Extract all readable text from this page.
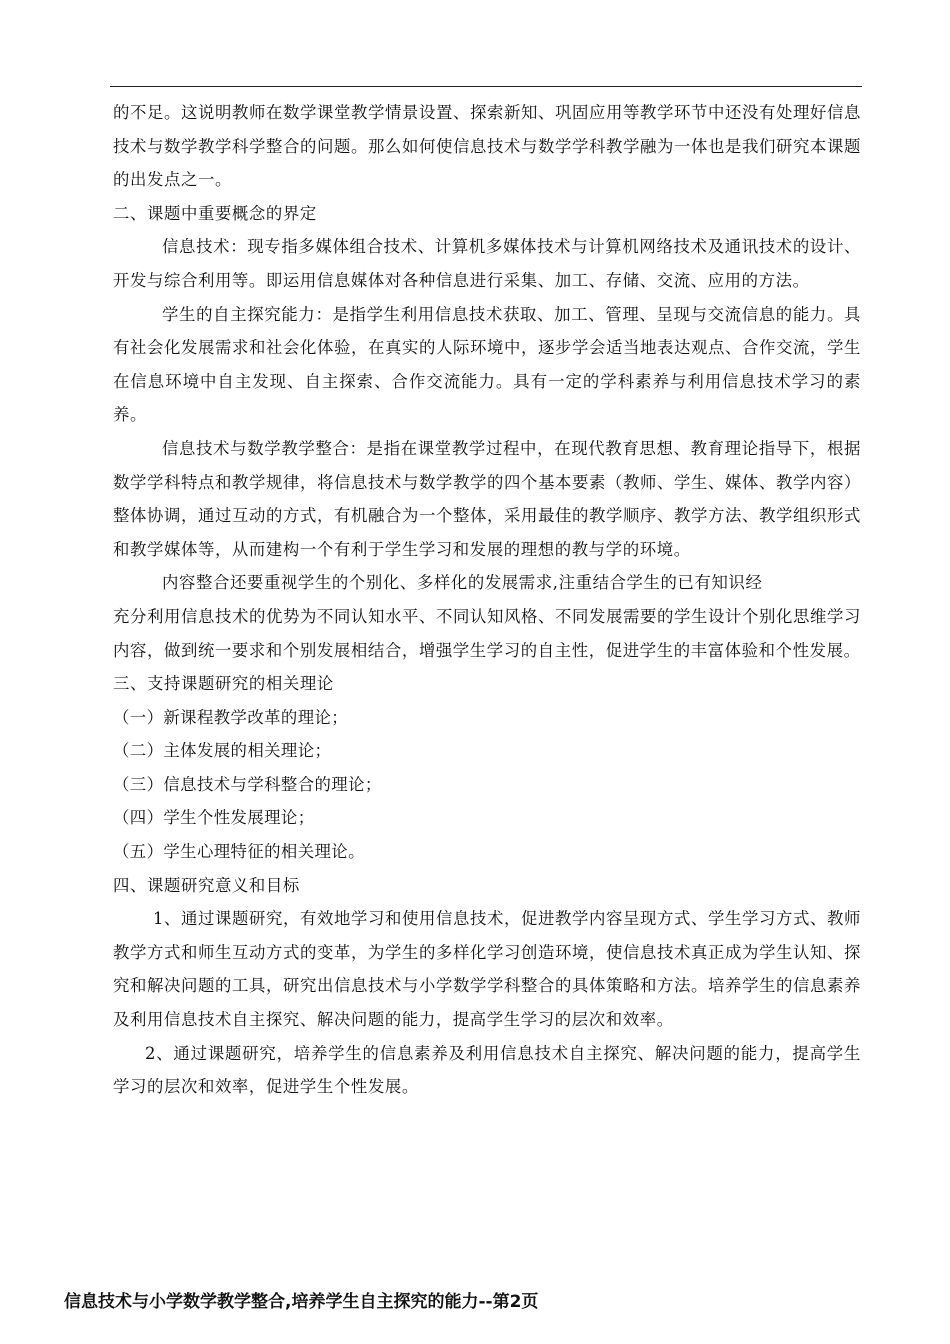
的不足。这说明教师在数学课堂教学情景设置、探索新知、巩固应用等教学环节中还没有处理好信息技术与数学教学科学整合的问题。那么如何使信息技术与数学学科教学融为一体也是我们研究本课题的出发点之一。

二、课题中重要概念的界定

信息技术：现专指多媒体组合技术、计算机多媒体技术与计算机网络技术及通讯技术的设计、开发与综合利用等。即运用信息媒体对各种信息进行采集、加工、存储、交流、应用的方法。

学生的自主探究能力：是指学生利用信息技术获取、加工、管理、呈现与交流信息的能力。具有社会化发展需求和社会化体验，在真实的人际环境中，逐步学会适当地表达观点、合作交流，学生在信息环境中自主发现、自主探索、合作交流能力。具有一定的学科素养与利用信息技术学习的素养。

信息技术与数学教学整合：是指在课堂教学过程中，在现代教育思想、教育理论指导下，根据数学学科特点和教学规律，将信息技术与数学教学的四个基本要素（教师、学生、媒体、教学内容）整体协调，通过互动的方式，有机融合为一个整体，采用最佳的教学顺序、教学方法、教学组织形式和教学媒体等，从而建构一个有利于学生学习和发展的理想的教与学的环境。

内容整合还要重视学生的个别化、多样化的发展需求,注重结合学生的已有知识经

充分利用信息技术的优势为不同认知水平、不同认知风格、不同发展需要的学生设计个别化思维学习内容，做到统一要求和个别发展相结合，增强学生学习的自主性，促进学生的丰富体验和个性发展。

三、支持课题研究的相关理论

（一）新课程教学改革的理论；

（二）主体发展的相关理论；

（三）信息技术与学科整合的理论；

（四）学生个性发展理论；

（五）学生心理特征的相关理论。

四、课题研究意义和目标

1、通过课题研究，有效地学习和使用信息技术，促进教学内容呈现方式、学生学习方式、教师教学方式和师生互动方式的变革，为学生的多样化学习创造环境，使信息技术真正成为学生认知、探究和解决问题的工具，研究出信息技术与小学数学学科整合的具体策略和方法。培养学生的信息素养及利用信息技术自主探究、解决问题的能力，提高学生学习的层次和效率。

2、通过课题研究，培养学生的信息素养及利用信息技术自主探究、解决问题的能力，提高学生学习的层次和效率，促进学生个性发展。

信息技术与小学数学教学整合,培养学生自主探究的能力--第2页
